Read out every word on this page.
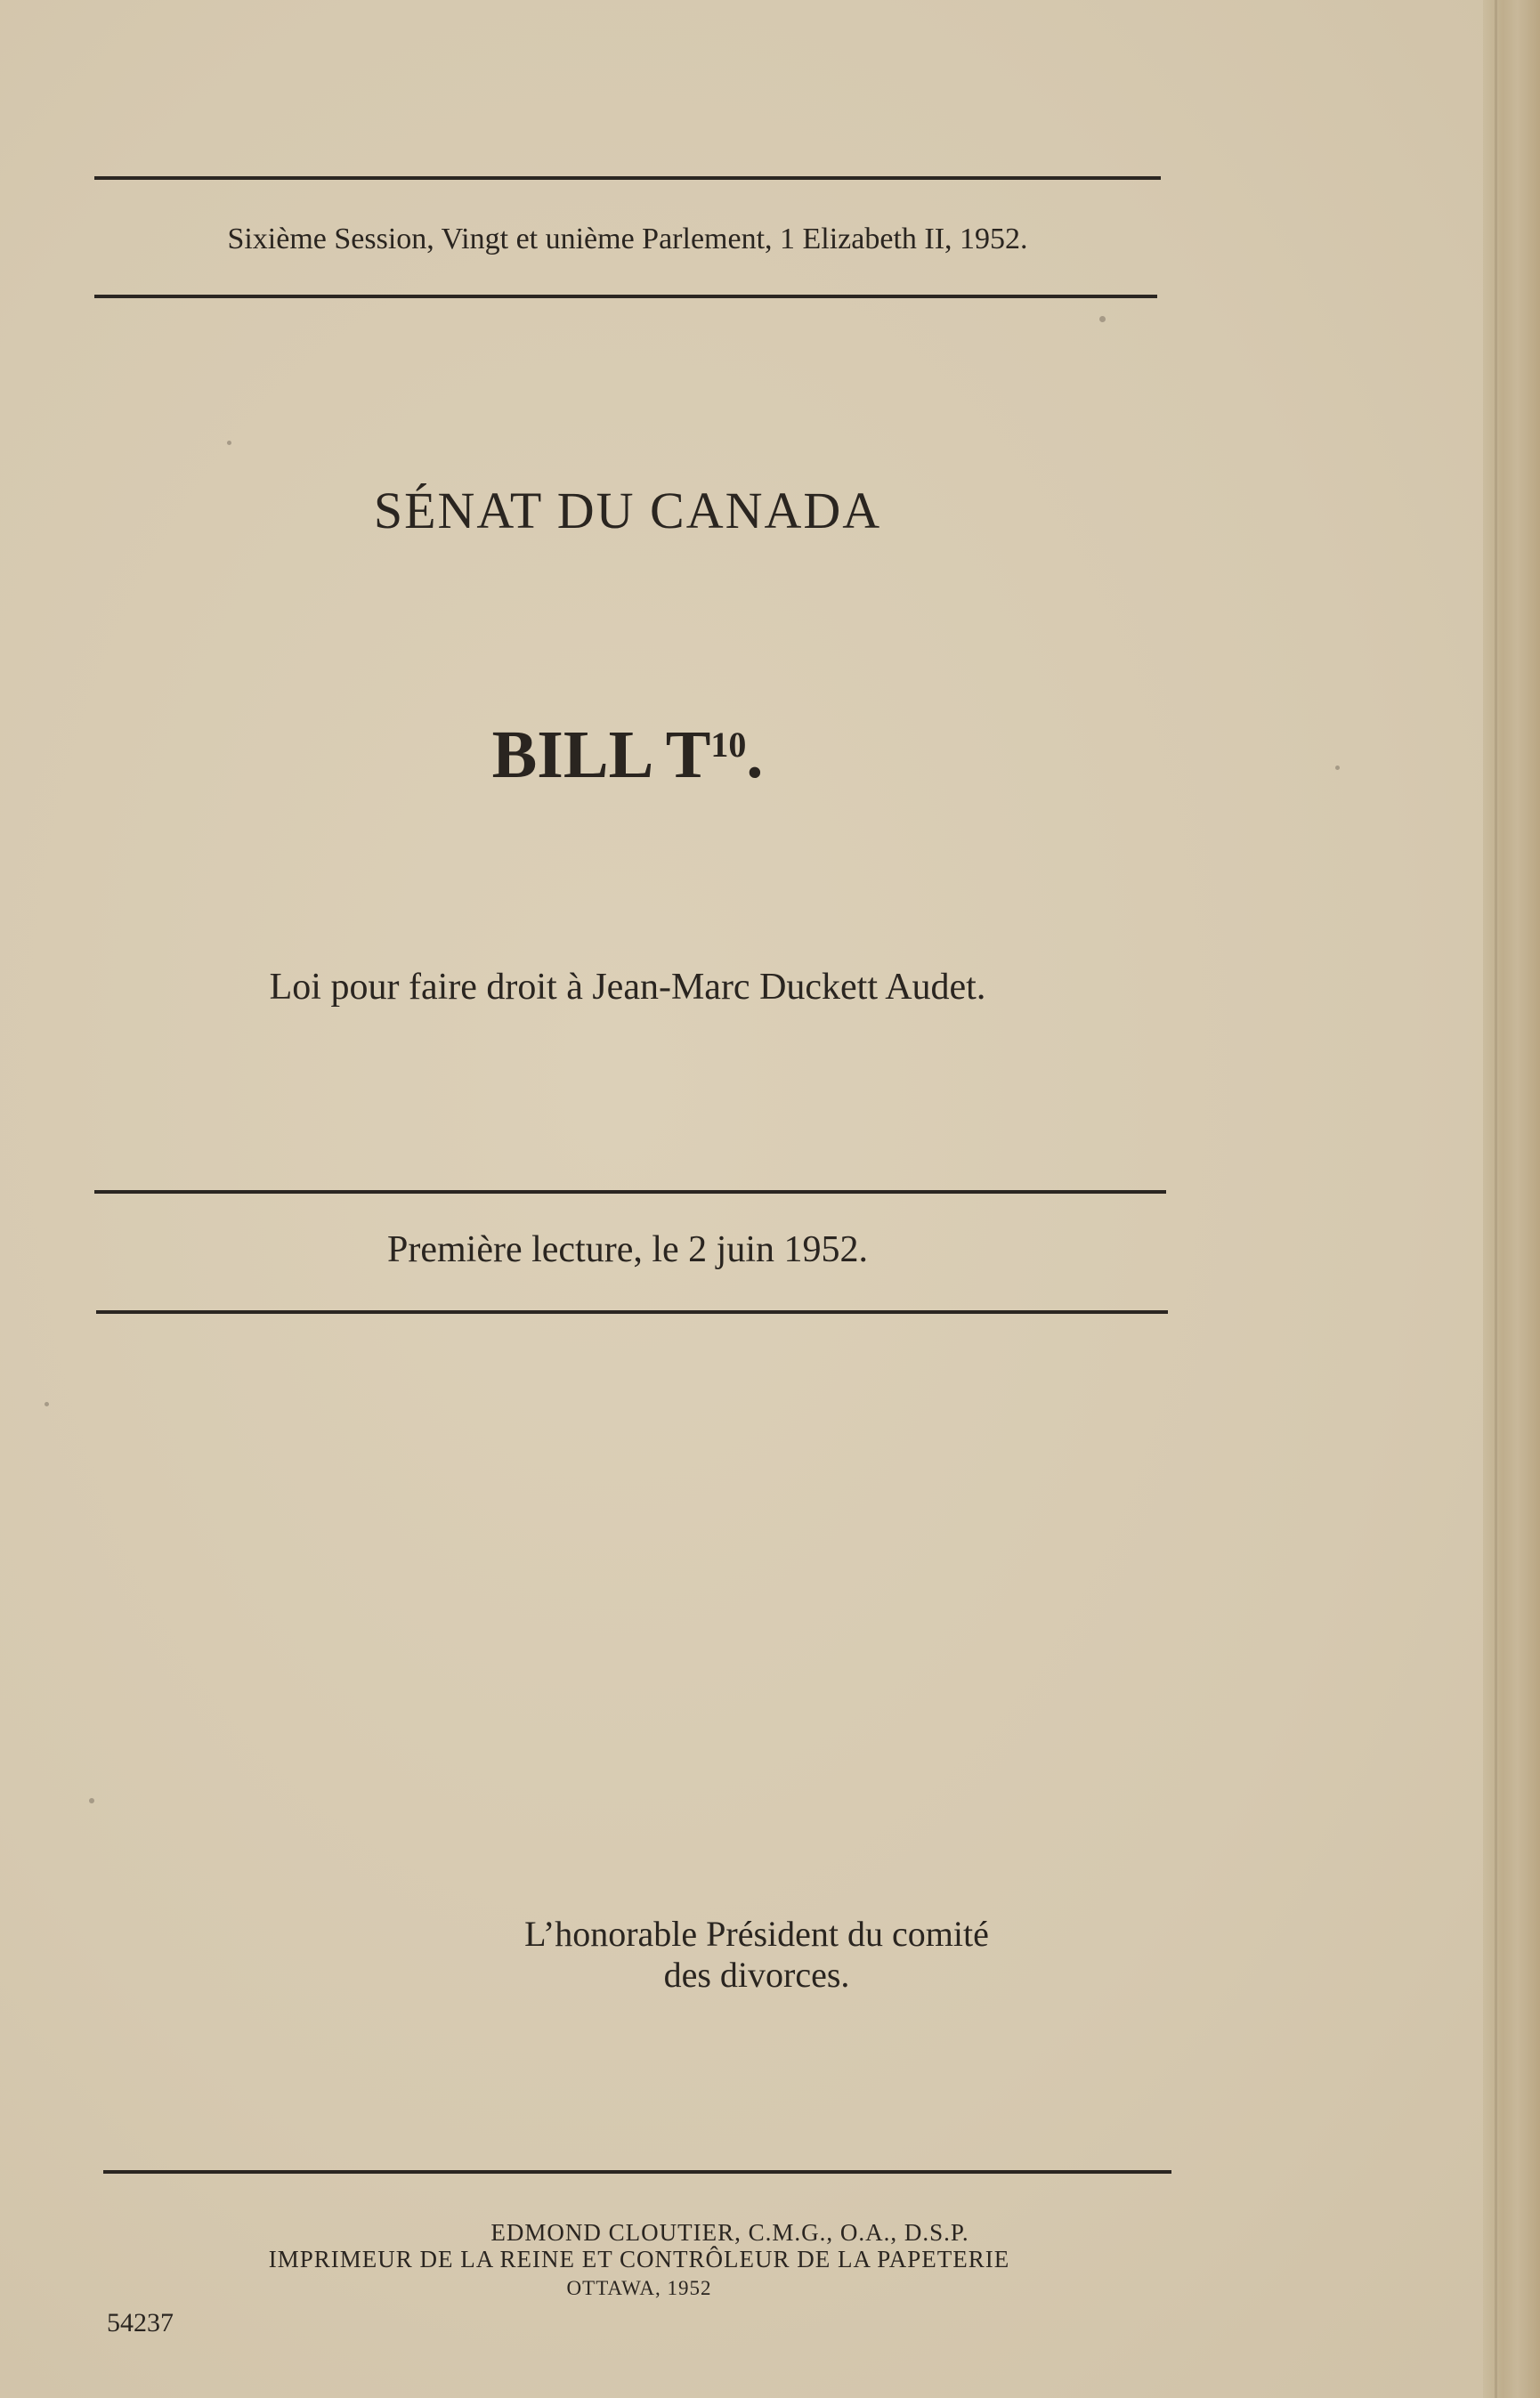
Sixième Session, Vingt et unième Parlement, 1 Elizabeth II, 1952.
SÉNAT DU CANADA
BILL $T^{10}$.
Loi pour faire droit à Jean-Marc Duckett Audet.
Première lecture, le 2 juin 1952.
L’honorable Président du comité
des divorces.
EDMOND CLOUTIER, C.M.G., O.A., D.S.P.
IMPRIMEUR DE LA REINE ET CONTRÔLEUR DE LA PAPETERIE
OTTAWA, 1952
54237
